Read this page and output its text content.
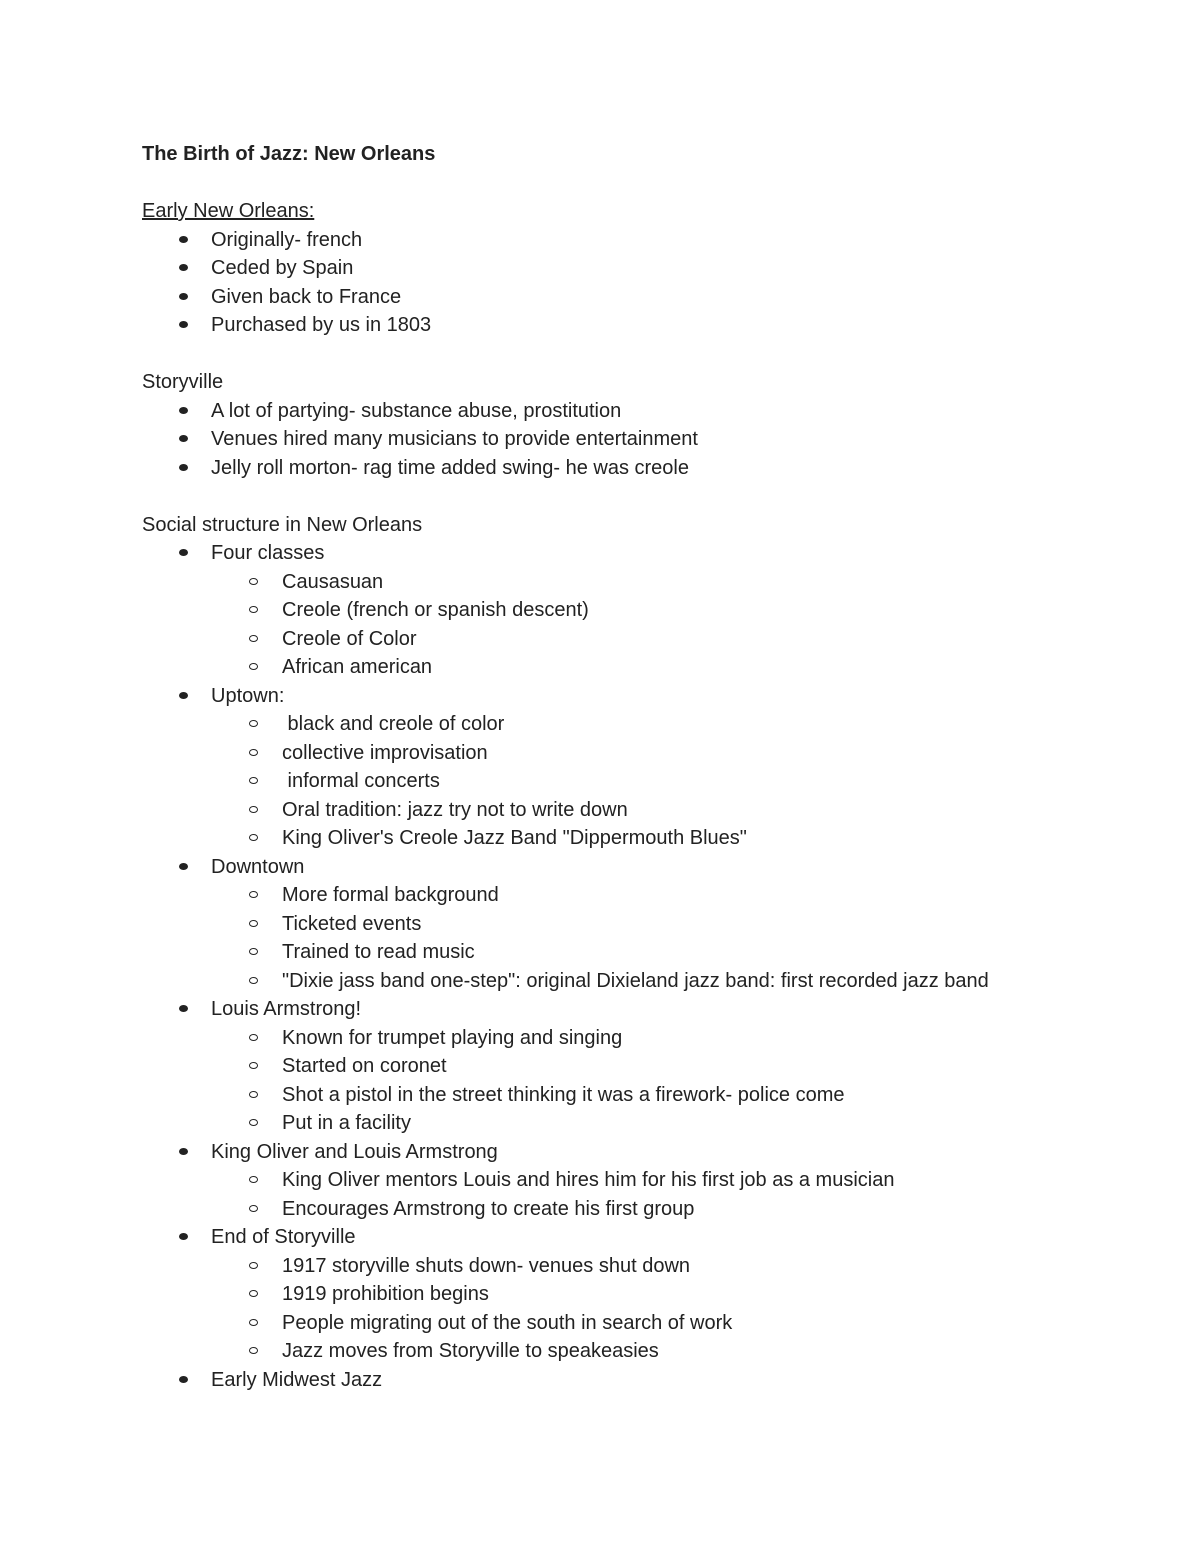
The Birth of Jazz: New Orleans
Early New Orleans:
Originally- french
Ceded by Spain
Given back to France
Purchased by us in 1803
Storyville
A lot of partying- substance abuse, prostitution
Venues hired many musicians to provide entertainment
Jelly roll morton- rag time added swing- he was creole
Social structure in New Orleans
Four classes
Causasuan
Creole (french or spanish descent)
Creole of Color
African american
Uptown:
black and creole of color
collective improvisation
informal concerts
Oral tradition: jazz try not to write down
King Oliver's Creole Jazz Band "Dippermouth Blues"
Downtown
More formal background
Ticketed events
Trained to read music
"Dixie jass band one-step": original Dixieland jazz band: first recorded jazz band
Louis Armstrong!
Known for trumpet playing and singing
Started on coronet
Shot a pistol in the street thinking it was a firework- police come
Put in a facility
King Oliver and Louis Armstrong
King Oliver mentors Louis and hires him for his first job as a musician
Encourages Armstrong to create his first group
End of Storyville
1917 storyville shuts down- venues shut down
1919 prohibition begins
People migrating out of the south in search of work
Jazz moves from Storyville to speakeasies
Early Midwest Jazz
